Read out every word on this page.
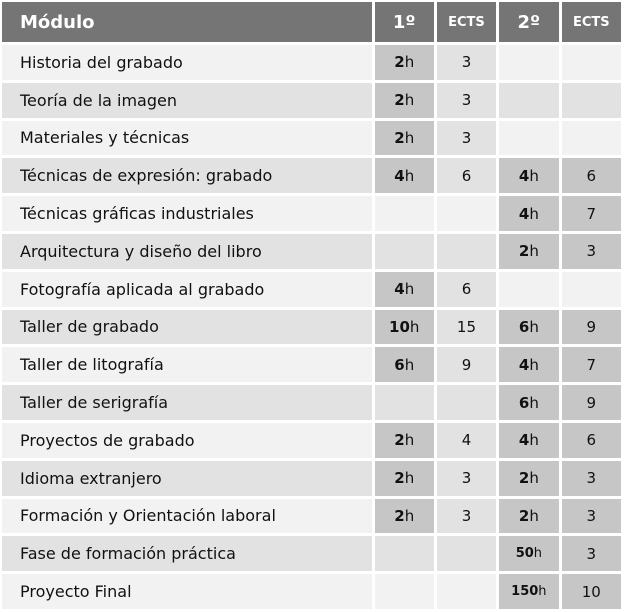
Módulo	1º	ECTS	2º	ECTS
Historia del grabado	2h	3		
Teoría de la imagen	2h	3		
Materiales y técnicas	2h	3		
Técnicas de expresión: grabado	4h	6	4h	6
Técnicas gráficas industriales			4h	7
Arquitectura y diseño del libro			2h	3
Fotografía aplicada al grabado	4h	6		
Taller de grabado	10h	15	6h	9
Taller de litografía	6h	9	4h	7
Taller de serigrafía			6h	9
Proyectos de grabado	2h	4	4h	6
Idioma extranjero	2h	3	2h	3
Formación y Orientación laboral	2h	3	2h	3
Fase de formación práctica			50h	3
Proyecto Final			150h	10
